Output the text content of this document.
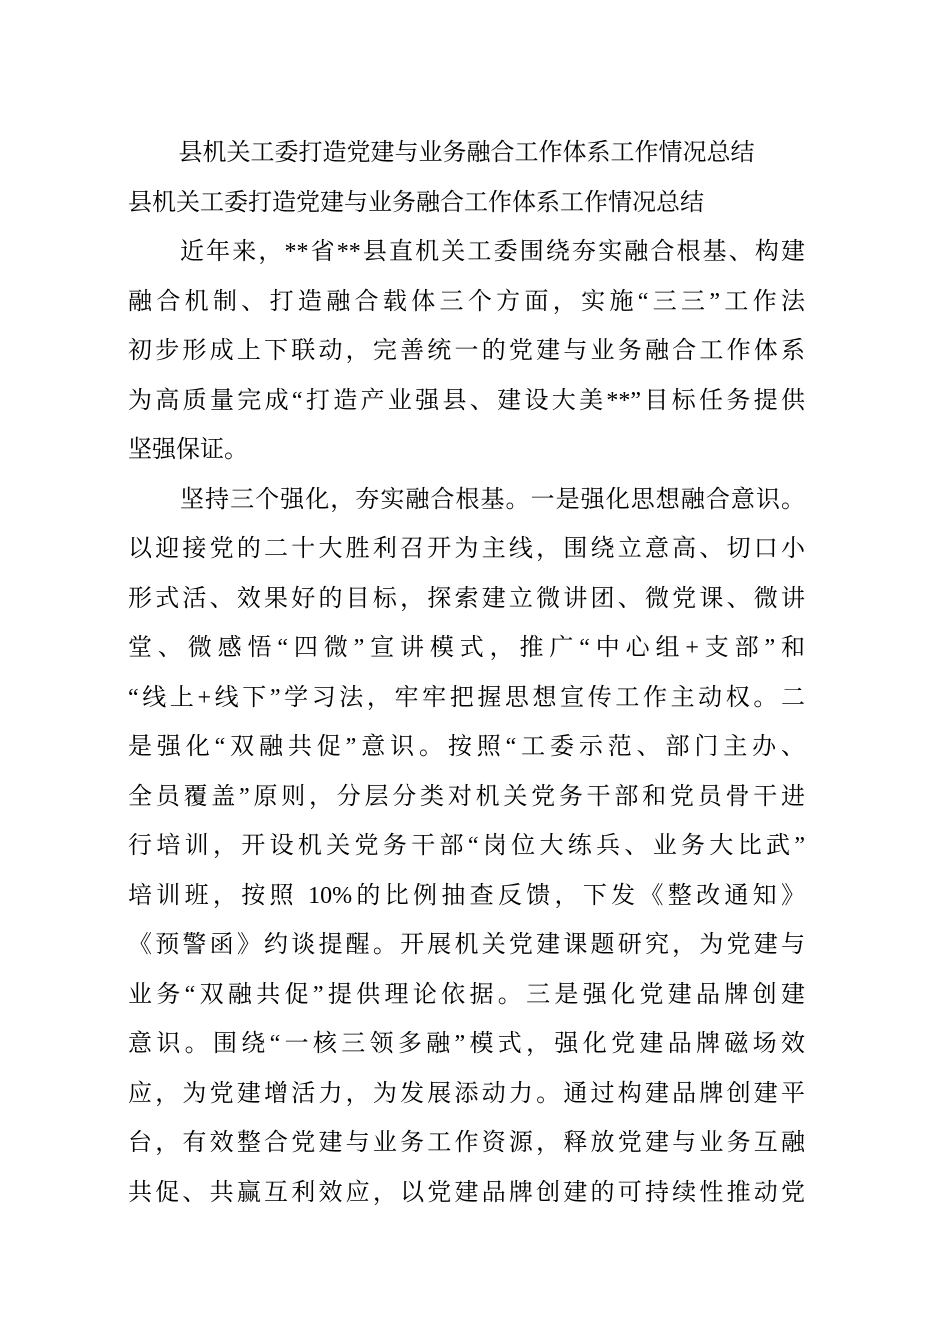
县机关工委打造党建与业务融合工作体系工作情况总结
县机关工委打造党建与业务融合工作体系工作情况总结
近年来，**省**县直机关工委围绕夯实融合根基、构建
融合机制、打造融合载体三个方面，实施“三三”工作法
初步形成上下联动，完善统一的党建与业务融合工作体系
为高质量完成“打造产业强县、建设大美**”目标任务提供
坚强保证。
坚持三个强化，夯实融合根基。一是强化思想融合意识。
以迎接党的二十大胜利召开为主线，围绕立意高、切口小
形式活、效果好的目标，探索建立微讲团、微党课、微讲
堂、微感悟“四微”宣讲模式，推广“中心组+支部”和
“线上+线下”学习法，牢牢把握思想宣传工作主动权。二
是强化“双融共促”意识。按照“工委示范、部门主办、
全员覆盖”原则，分层分类对机关党务干部和党员骨干进
行培训，开设机关党务干部“岗位大练兵、业务大比武”
培训班，按照 10%的比例抽查反馈，下发《整改通知》
《预警函》约谈提醒。开展机关党建课题研究，为党建与
业务“双融共促”提供理论依据。三是强化党建品牌创建
意识。围绕“一核三领多融”模式，强化党建品牌磁场效
应，为党建增活力，为发展添动力。通过构建品牌创建平
台，有效整合党建与业务工作资源，释放党建与业务互融
共促、共赢互利效应，以党建品牌创建的可持续性推动党
